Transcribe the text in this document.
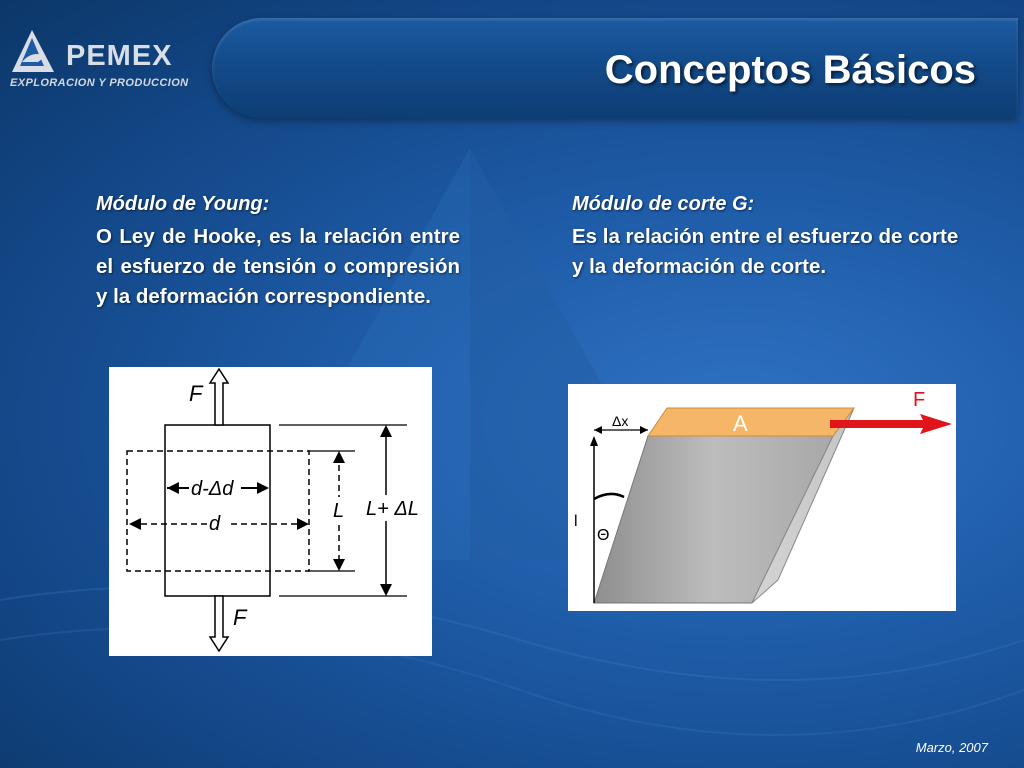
PEMEX
EXPLORACION Y PRODUCCION	Conceptos Básicos
Módulo de Young:
O Ley de Hooke, es la relación entre el esfuerzo de tensión o compresión y la deformación correspondiente.
Módulo de corte G:
Es la relación entre el esfuerzo de corte y la deformación de corte.
F
F
d-Δd
d
L L+ ΔL
A
F
Δx
l
Θ
Marzo, 2007
